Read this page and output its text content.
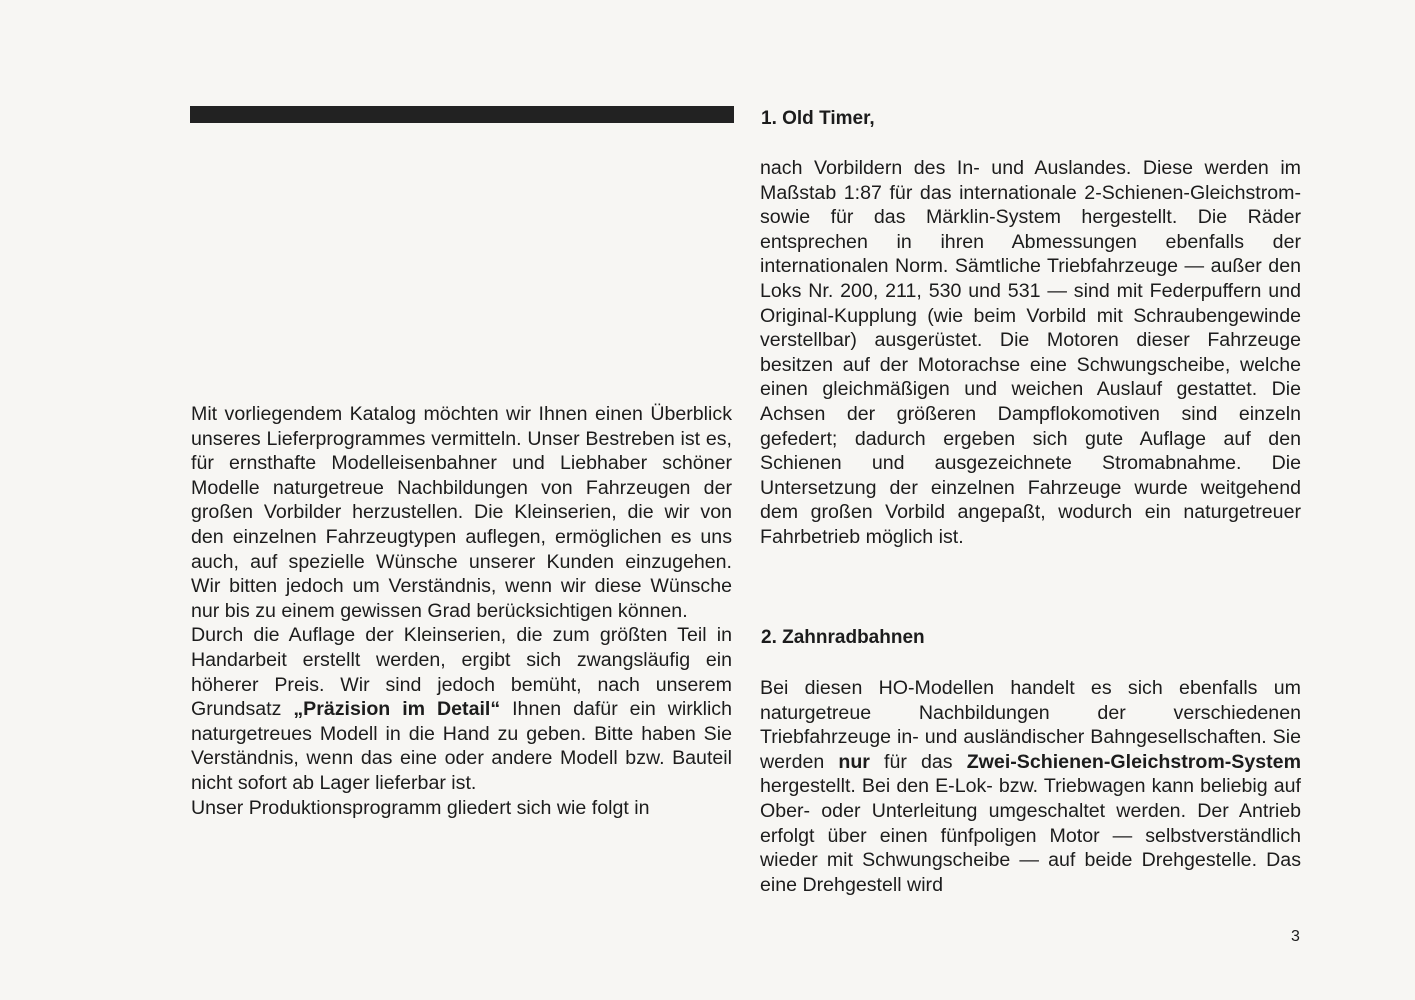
Mit vorliegendem Katalog möchten wir Ihnen einen Überblick unseres Lieferprogrammes vermitteln. Unser Bestreben ist es, für ernsthafte Modelleisenbahner und Liebhaber schöner Modelle naturgetreue Nachbildungen von Fahrzeugen der großen Vorbilder herzustellen. Die Kleinserien, die wir von den einzelnen Fahrzeugtypen auflegen, ermöglichen es uns auch, auf spezielle Wünsche unserer Kunden einzugehen. Wir bitten jedoch um Verständnis, wenn wir diese Wünsche nur bis zu einem gewissen Grad berücksichtigen können.

Durch die Auflage der Kleinserien, die zum größten Teil in Handarbeit erstellt werden, ergibt sich zwangsläufig ein höherer Preis. Wir sind jedoch bemüht, nach unserem Grundsatz „Präzision im Detail“ Ihnen dafür ein wirklich naturgetreues Modell in die Hand zu geben. Bitte haben Sie Verständnis, wenn das eine oder andere Modell bzw. Bauteil nicht sofort ab Lager lieferbar ist.

Unser Produktionsprogramm gliedert sich wie folgt in

1. Old Timer,

nach Vorbildern des In- und Auslandes. Diese werden im Maßstab 1:87 für das internationale 2-Schienen-Gleichstrom- sowie für das Märklin-System hergestellt. Die Räder entsprechen in ihren Abmessungen ebenfalls der internationalen Norm. Sämtliche Triebfahrzeuge — außer den Loks Nr. 200, 211, 530 und 531 — sind mit Federpuffern und Original-Kupplung (wie beim Vorbild mit Schraubengewinde verstellbar) ausgerüstet. Die Motoren dieser Fahrzeuge besitzen auf der Motorachse eine Schwungscheibe, welche einen gleichmäßigen und weichen Auslauf gestattet. Die Achsen der größeren Dampflokomotiven sind einzeln gefedert; dadurch ergeben sich gute Auflage auf den Schienen und ausgezeichnete Stromabnahme. Die Untersetzung der einzelnen Fahrzeuge wurde weitgehend dem großen Vorbild angepaßt, wodurch ein naturgetreuer Fahrbetrieb möglich ist.

2. Zahnradbahnen

Bei diesen HO-Modellen handelt es sich ebenfalls um naturgetreue Nachbildungen der verschiedenen Triebfahrzeuge in- und ausländischer Bahngesellschaften. Sie werden nur für das Zwei-Schienen-Gleichstrom-System hergestellt. Bei den E-Lok- bzw. Triebwagen kann beliebig auf Ober- oder Unterleitung umgeschaltet werden. Der Antrieb erfolgt über einen fünfpoligen Motor — selbstverständlich wieder mit Schwungscheibe — auf beide Drehgestelle. Das eine Drehgestell wird

3
